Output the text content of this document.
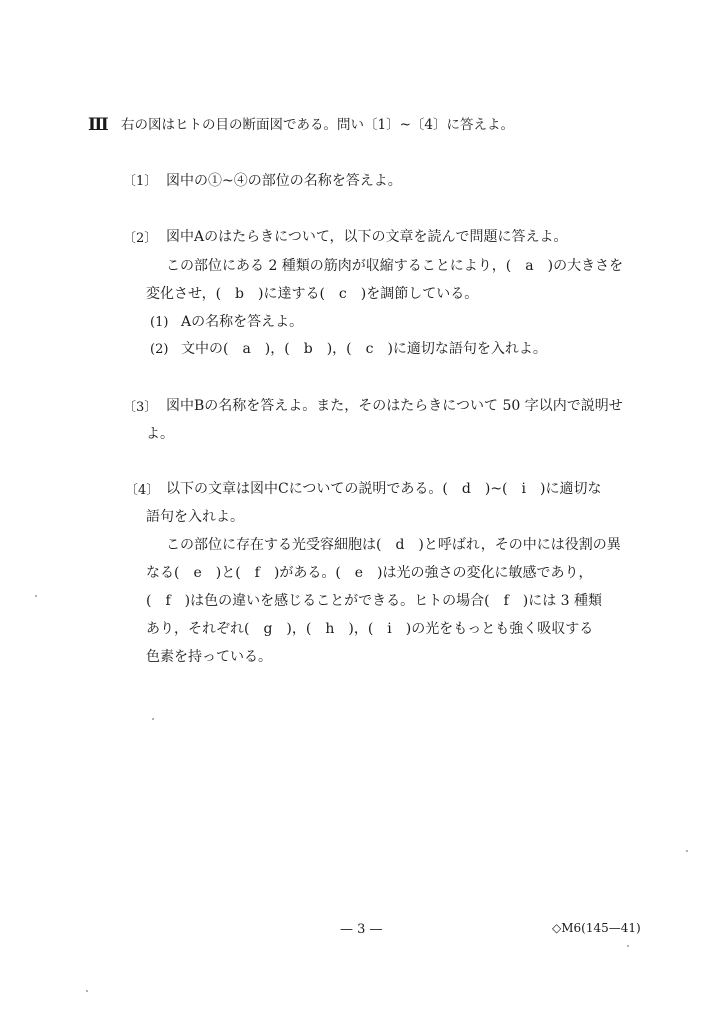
Ⅲ 右の図はヒトの目の断面図である。問い〔1〕~〔4〕に答えよ。
〔1〕 図中の①~④の部位の名称を答えよ。
〔2〕 図中Aのはたらきについて，以下の文章を読んで問題に答えよ。
この部位にある 2 種類の筋肉が収縮することにより，(　a　)の大きさを
変化させ，(　b　)に達する(　c　)を調節している。
(1) Aの名称を答えよ。
(2) 文中の(　a　)，(　b　)，(　c　)に適切な語句を入れよ。
〔3〕 図中Bの名称を答えよ。また，そのはたらきについて 50 字以内で説明せ
よ。
〔4〕 以下の文章は図中Cについての説明である。(　d　)~(　i　)に適切な
語句を入れよ。
この部位に存在する光受容細胞は(　d　)と呼ばれ，その中には役割の異
なる(　e　)と(　f　)がある。(　e　)は光の強さの変化に敏感であり，
(　f　)は色の違いを感じることができる。ヒトの場合(　f　)には 3 種類
あり，それぞれ(　g　)，(　h　)，(　i　)の光をもっとも強く吸収する
色素を持っている。
— 3 —	◇M6(145—41)
